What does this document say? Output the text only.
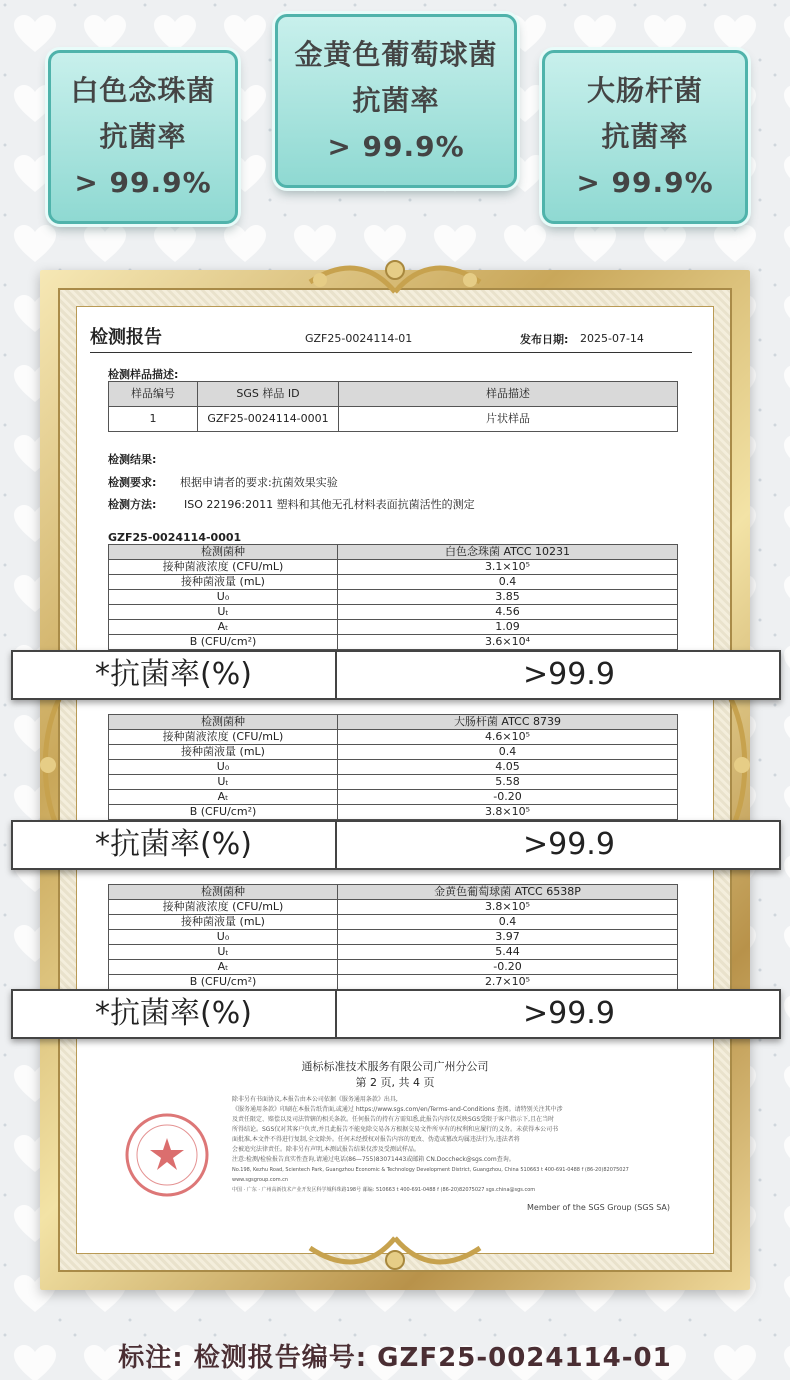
白色念珠菌
抗菌率
> 99.9%
金黄色葡萄球菌
抗菌率
> 99.9%
大肠杆菌
抗菌率
> 99.9%
检测报告	GZF25-0024114-01	发布日期: 2025-07-14
检测样品描述:
样品编号	SGS 样品 ID	样品描述
1	GZF25-0024114-0001	片状样品
检测结果:
检测要求: 根据申请者的要求:抗菌效果实验
检测方法:	ISO 22196:2011 塑料和其他无孔材料表面抗菌活性的测定
GZF25-0024114-0001
检测菌种	白色念珠菌 ATCC 10231
接种菌液浓度 (CFU/mL)	3.1×10⁵
接种菌液量 (mL)	0.4
U₀	3.85
Uₜ	4.56
Aₜ	1.09
B (CFU/cm²)	3.6×10⁴
*抗菌率(%)	>99.9
检测菌种	大肠杆菌 ATCC 8739
接种菌液浓度 (CFU/mL)	4.6×10⁵
接种菌液量 (mL)	0.4
U₀	4.05
Uₜ	5.58
Aₜ	-0.20
B (CFU/cm²)	3.8×10⁵
*抗菌率(%)	>99.9
检测菌种	金黄色葡萄球菌 ATCC 6538P
接种菌液浓度 (CFU/mL)	3.8×10⁵
接种菌液量 (mL)	0.4
U₀	3.97
Uₜ	5.44
Aₜ	-0.20
B (CFU/cm²)	2.7×10⁵
*抗菌率(%)	>99.9
通标标准技术服务有限公司广州分公司
第 2 页, 共 4 页
除非另有书面协议,本报告由本公司依据《服务通用条款》出具,
《服务通用条款》印刷在本报告纸背面,或通过 https://www.sgs.com/en/Terms-and-Conditions 查阅。请特别关注其中涉
及责任限定、赔偿以及司法管辖的相关条款。任何报告的持有方需知悉,此报告内容仅反映SGS受限于客户指示下,且在当时
所得结论。SGS仅对其客户负责,并且此报告不能免除交易各方根据交易文件所享有的权利和应履行的义务。未获得本公司书
面批准,本文件不得进行复制,全文除外。任何未经授权对报告内容的更改、伪造或篡改均属违法行为,违法者将
会被追究法律责任。除非另有声明,本测试报告结果仅涉及受测试样品。
注意:检测/检验报告真实性查询,请通过电话(86—755)83071443或邮箱 CN.Doccheck@sgs.com查询。
No.198, Kezhu Road, Scientech Park, Guangzhou Economic & Technology Development District, Guangzhou, China 510663 t 400-691-0488 f (86-20)82075027 www.sgsgroup.com.cn
中国 · 广东 · 广州高新技术产业开发区科学城科珠路198号 邮编: 510663 t 400-691-0488 f (86-20)82075027 sgs.china@sgs.com
Member of the SGS Group (SGS SA)
标注: 检测报告编号: GZF25-0024114-01
